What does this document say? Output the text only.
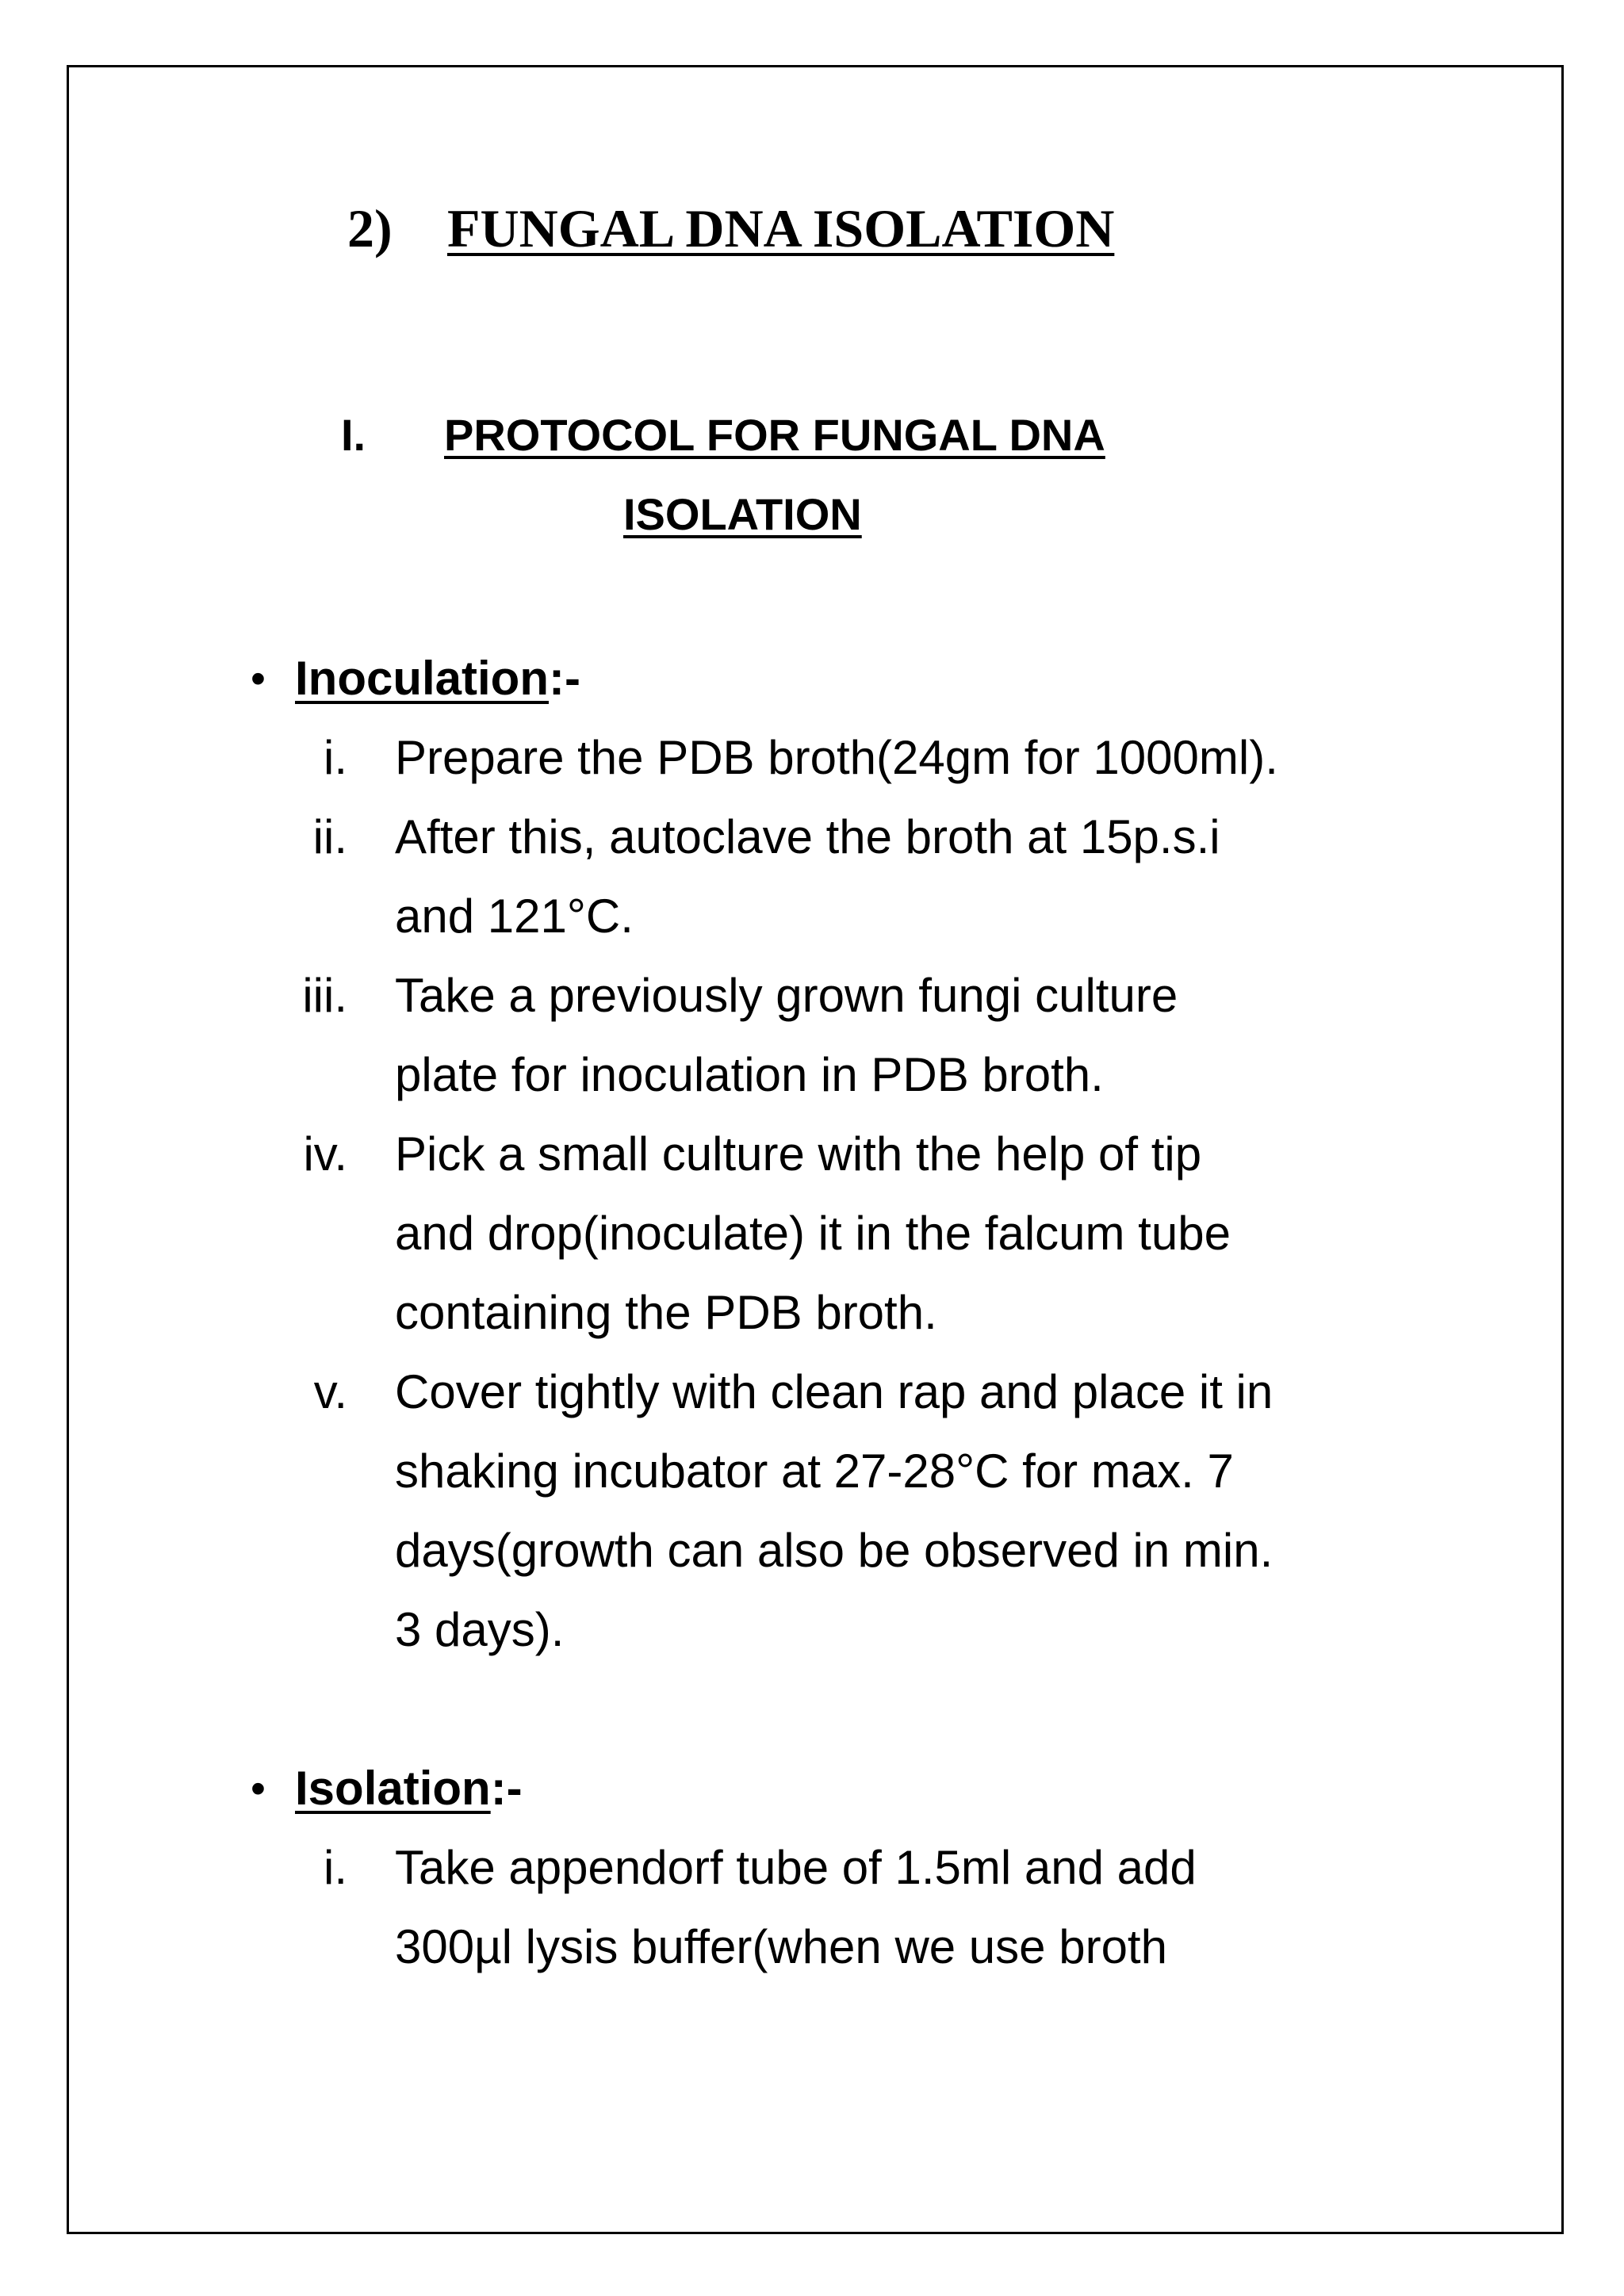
2) FUNGAL DNA ISOLATION
I. PROTOCOL FOR FUNGAL DNA
ISOLATION
• Inoculation:-
i. Prepare the PDB broth(24gm for 1000ml).
ii. After this, autoclave the broth at 15p.s.i
and 121°C.
iii. Take a previously grown fungi culture
plate for inoculation in PDB broth.
iv. Pick a small culture with the help of tip
and drop(inoculate) it in the falcum tube
containing the PDB broth.
v. Cover tightly with clean rap and place it in
shaking incubator at 27-28°C for max. 7
days(growth can also be observed in min.
3 days).
• Isolation:-
i. Take appendorf tube of 1.5ml and add
300µl lysis buffer(when we use broth
